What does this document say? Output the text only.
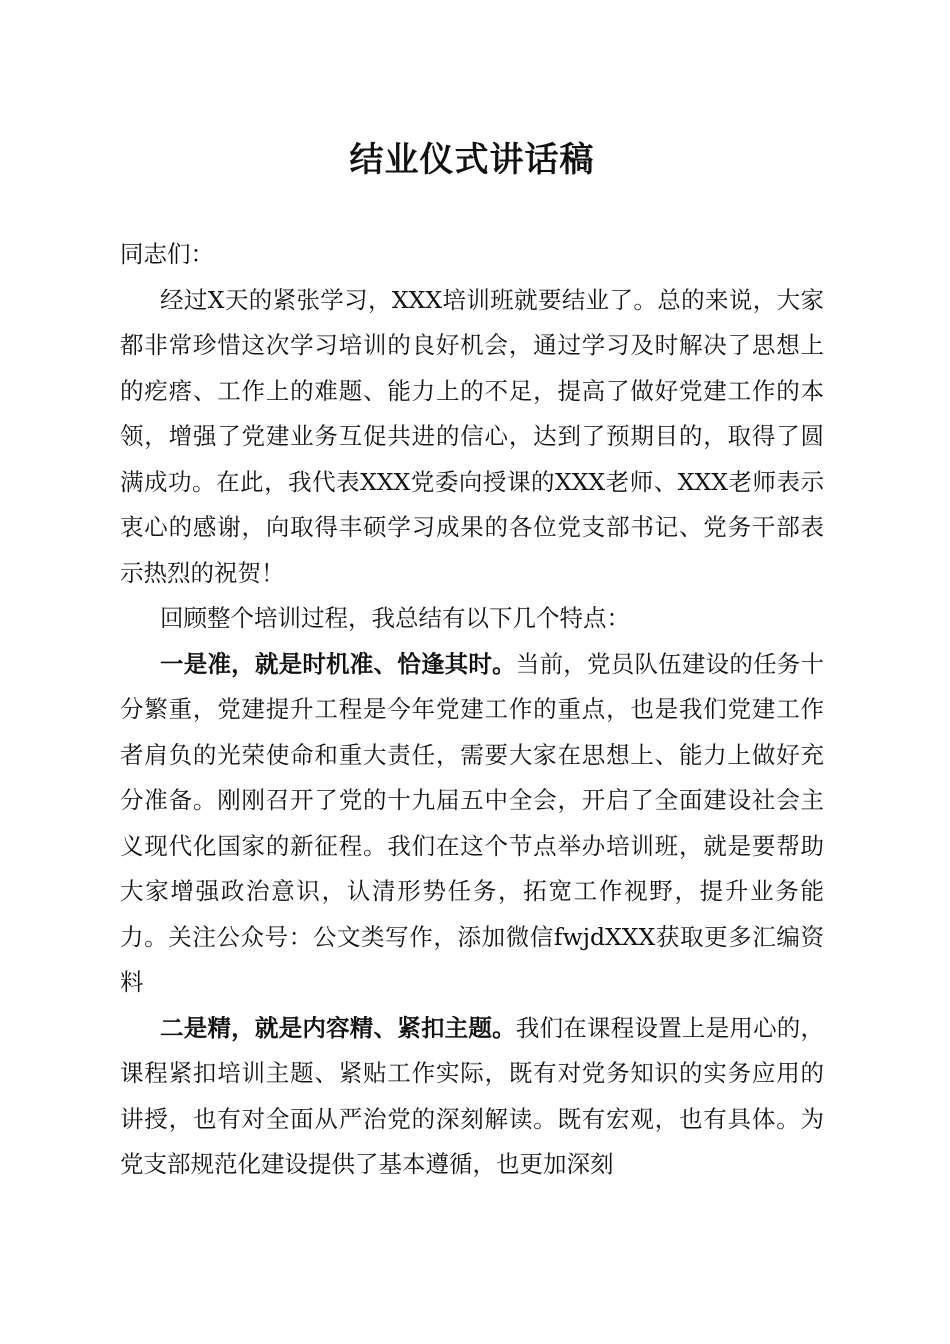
结业仪式讲话稿

同志们：

经过X天的紧张学习，XXX培训班就要结业了。总的来说，大家都非常珍惜这次学习培训的良好机会，通过学习及时解决了思想上的疙瘩、工作上的难题、能力上的不足，提高了做好党建工作的本领，增强了党建业务互促共进的信心，达到了预期目的，取得了圆满成功。在此，我代表XXX党委向授课的XXX老师、XXX老师表示衷心的感谢，向取得丰硕学习成果的各位党支部书记、党务干部表示热烈的祝贺！

回顾整个培训过程，我总结有以下几个特点：

一是准，就是时机准、恰逢其时。当前，党员队伍建设的任务十分繁重，党建提升工程是今年党建工作的重点，也是我们党建工作者肩负的光荣使命和重大责任，需要大家在思想上、能力上做好充分准备。刚刚召开了党的十九届五中全会，开启了全面建设社会主义现代化国家的新征程。我们在这个节点举办培训班，就是要帮助大家增强政治意识，认清形势任务，拓宽工作视野，提升业务能力。关注公众号：公文类写作，添加微信fwjdXXX获取更多汇编资料

二是精，就是内容精、紧扣主题。我们在课程设置上是用心的，课程紧扣培训主题、紧贴工作实际，既有对党务知识的实务应用的讲授，也有对全面从严治党的深刻解读。既有宏观，也有具体。为党支部规范化建设提供了基本遵循，也更加深刻
